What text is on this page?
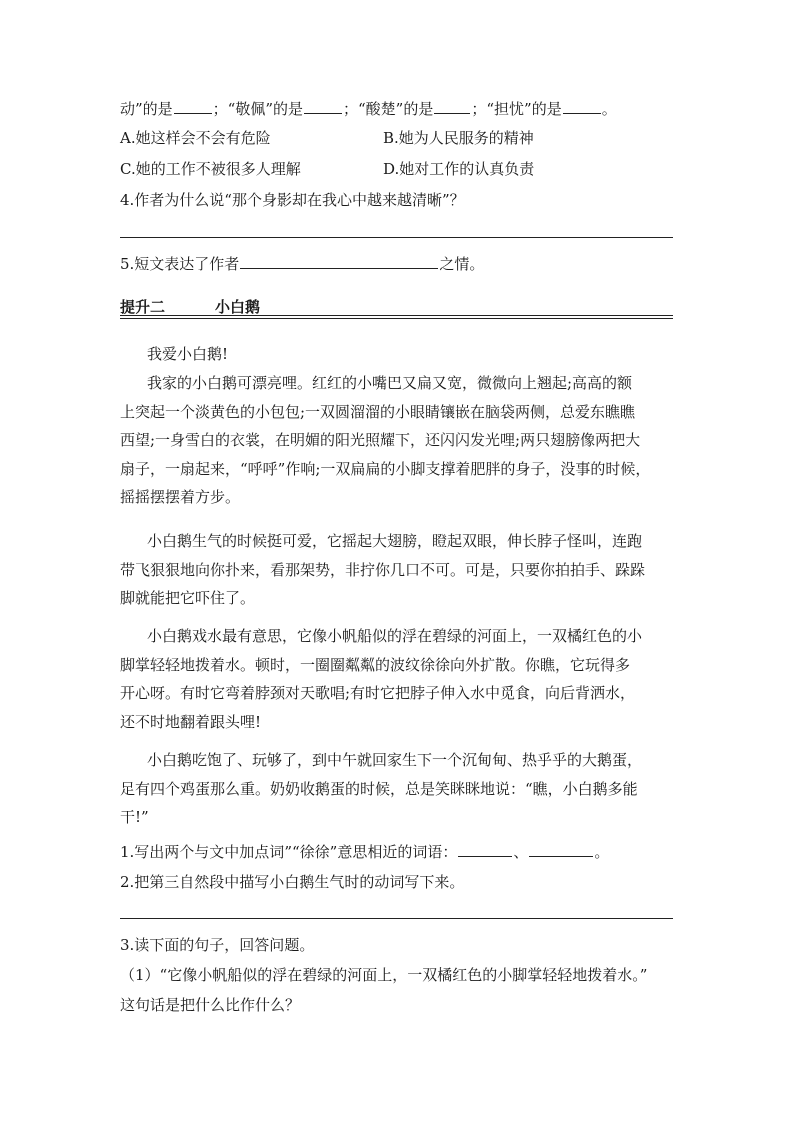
动”的是	；“敬佩”的是	；“酸楚”的是	；“担忧”的是	。
A.她这样会不会有危险	B.她为人民服务的精神
C.她的工作不被很多人理解	D.她对工作的认真负责
4.作者为什么说“那个身影却在我心中越来越清晰”？
5.短文表达了作者	之情。
提升二	小白鹅
我爱小白鹅!
我家的小白鹅可漂亮哩。红红的小嘴巴又扁又宽，微微向上翘起;高高的额
上突起一个淡黄色的小包包;一双圆溜溜的小眼睛镶嵌在脑袋两侧，总爱东瞧瞧
西望;一身雪白的衣裳，在明媚的阳光照耀下，还闪闪发光哩;两只翅膀像两把大
扇子，一扇起来，“呼呼”作响;一双扁扁的小脚支撑着肥胖的身子，没事的时候，
摇摇摆摆着方步。
小白鹅生气的时候挺可爱，它摇起大翅膀，瞪起双眼，伸长脖子怪叫，连跑
带飞狠狠地向你扑来，看那架势，非拧你几口不可。可是，只要你拍拍手、跺跺
脚就能把它吓住了。
小白鹅戏水最有意思，它像小帆船似的浮在碧绿的河面上，一双橘红色的小
脚掌轻轻地拨着水。顿时，一圈圈粼粼的波纹徐徐向外扩散。你瞧，它玩得多
开心呀。有时它弯着脖颈对天歌唱;有时它把脖子伸入水中觅食，向后背洒水，
还不时地翻着跟头哩!
小白鹅吃饱了、玩够了，到中午就回家生下一个沉甸甸、热乎乎的大鹅蛋，
足有四个鸡蛋那么重。奶奶收鹅蛋的时候，总是笑眯眯地说：“瞧，小白鹅多能
干!”
1.写出两个与文中加点词”“徐徐”意思相近的词语：	、	。
2.把第三自然段中描写小白鹅生气时的动词写下来。
3.读下面的句子，回答问题。
（1）“它像小帆船似的浮在碧绿的河面上，一双橘红色的小脚掌轻轻地拨着水。”
这句话是把什么比作什么？
